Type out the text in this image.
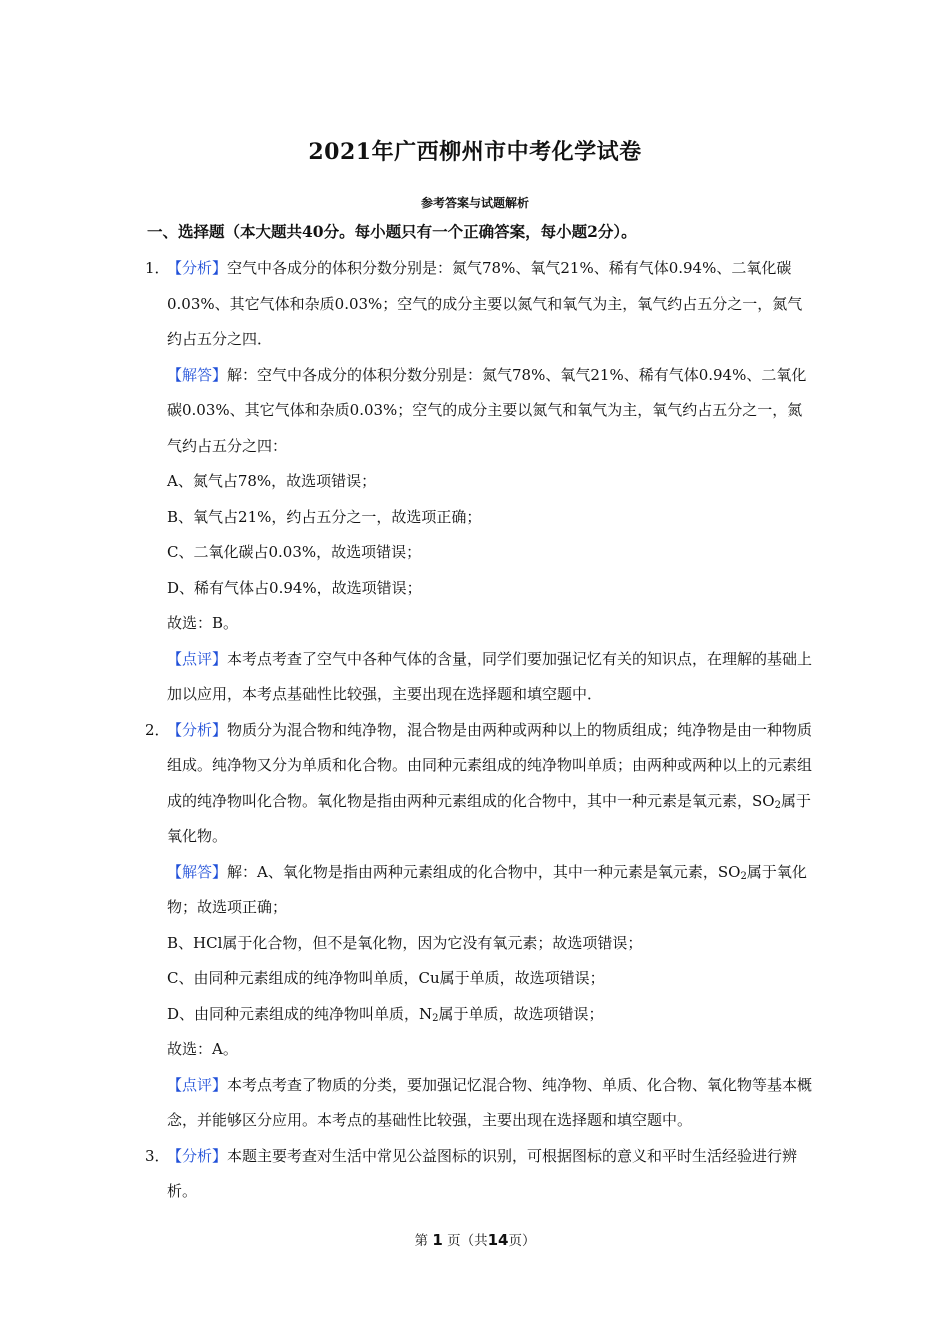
2021年广西柳州市中考化学试卷
参考答案与试题解析
一、选择题（本大题共40分。每小题只有一个正确答案，每小题2分）。
1．
【分析】空气中各成分的体积分数分别是：氮气78%、氧气21%、稀有气体0.94%、二氧化碳0.03%、其它气体和杂质0.03%；空气的成分主要以氮气和氧气为主，氧气约占五分之一，氮气约占五分之四．
【解答】解：空气中各成分的体积分数分别是：氮气78%、氧气21%、稀有气体0.94%、二氧化碳0.03%、其它气体和杂质0.03%；空气的成分主要以氮气和氧气为主，氧气约占五分之一，氮气约占五分之四：
A、氮气占78%，故选项错误；
B、氧气占21%，约占五分之一，故选项正确；
C、二氧化碳占0.03%，故选项错误；
D、稀有气体占0.94%，故选项错误；
故选：B。
【点评】本考点考查了空气中各种气体的含量，同学们要加强记忆有关的知识点，在理解的基础上加以应用，本考点基础性比较强，主要出现在选择题和填空题中．
2．
【分析】物质分为混合物和纯净物，混合物是由两种或两种以上的物质组成；纯净物是由一种物质组成。纯净物又分为单质和化合物。由同种元素组成的纯净物叫单质；由两种或两种以上的元素组成的纯净物叫化合物。氧化物是指由两种元素组成的化合物中，其中一种元素是氧元素，$SO_2$属于氧化物。
【解答】解：A、氧化物是指由两种元素组成的化合物中，其中一种元素是氧元素，$SO_2$属于氧化物；故选项正确；
B、HCl属于化合物，但不是氧化物，因为它没有氧元素；故选项错误；
C、由同种元素组成的纯净物叫单质，Cu属于单质，故选项错误；
D、由同种元素组成的纯净物叫单质，$N_2$属于单质，故选项错误；
故选：A。
【点评】本考点考查了物质的分类，要加强记忆混合物、纯净物、单质、化合物、氧化物等基本概念，并能够区分应用。本考点的基础性比较强，主要出现在选择题和填空题中。
3．
【分析】本题主要考查对生活中常见公益图标的识别，可根据图标的意义和平时生活经验进行辨析。
第 1 页（共14页）
